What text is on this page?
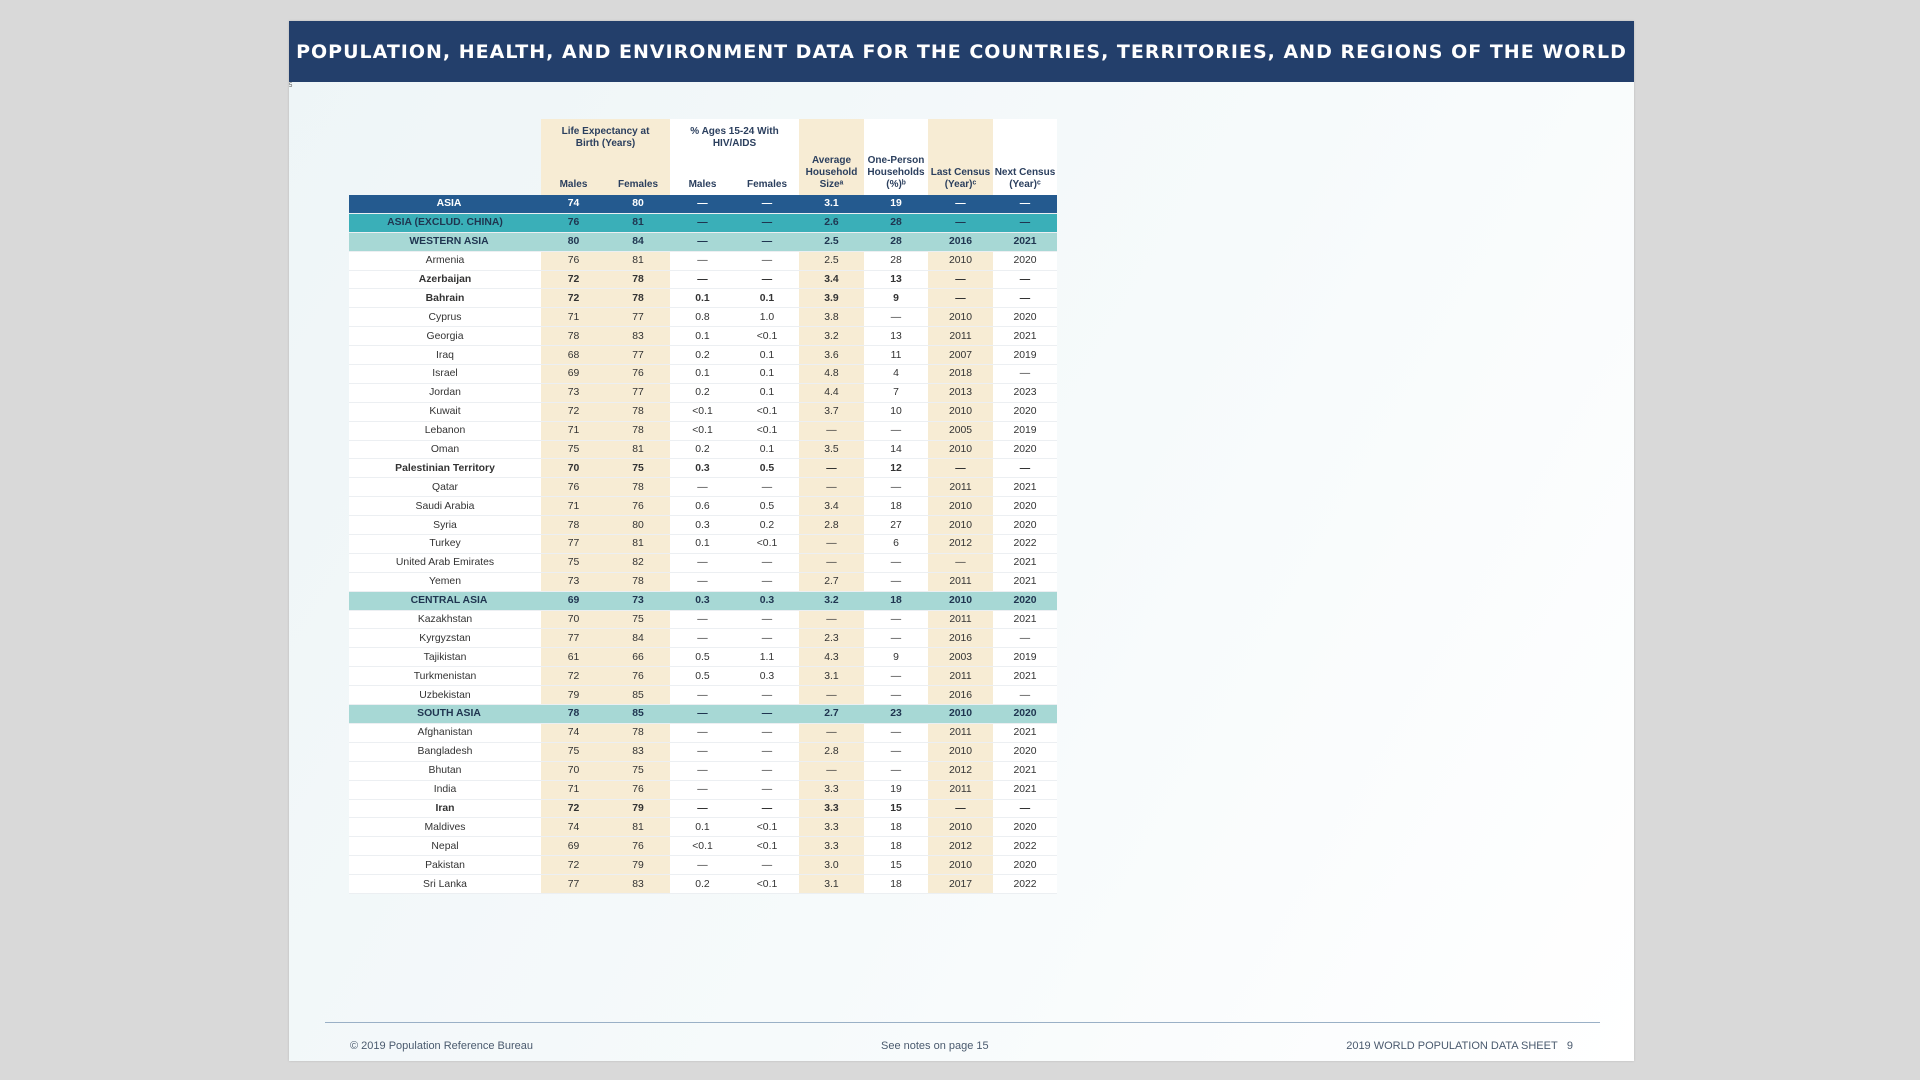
POPULATION, HEALTH, AND ENVIRONMENT DATA FOR THE COUNTRIES, TERRITORIES, AND REGIONS OF THE WORLD
5
	Life Expectancy at Birth (Years)		% Ages 15-24 With HIV/AIDS		Average Household Sizeᵃ	One-Person Households (%)ᵇ	Last Census (Year)ᶜ	Next Census (Year)ᶜ
	Males	Females	Males	Females				
ASIA	74	80	—	—	3.1	19	—	—
ASIA (EXCLUD. CHINA)	76	81	—	—	2.6	28	—	—
WESTERN ASIA	80	84	—	—	2.5	28	2016	2021
Armenia	76	81	—	—	2.5	28	2010	2020
Azerbaijan	72	78	—	—	3.4	13	—	—
Bahrain	72	78	0.1	0.1	3.9	9	—	—
Cyprus	71	77	0.8	1.0	3.8	—	2010	2020
Georgia	78	83	0.1	<0.1	3.2	13	2011	2021
Iraq	68	77	0.2	0.1	3.6	11	2007	2019
Israel	69	76	0.1	0.1	4.8	4	2018	—
Jordan	73	77	0.2	0.1	4.4	7	2013	2023
Kuwait	72	78	<0.1	<0.1	3.7	10	2010	2020
Lebanon	71	78	<0.1	<0.1	—	—	2005	2019
Oman	75	81	0.2	0.1	3.5	14	2010	2020
Palestinian Territory	70	75	0.3	0.5	—	12	—	—
Qatar	76	78	—	—	—	—	2011	2021
Saudi Arabia	71	76	0.6	0.5	3.4	18	2010	2020
Syria	78	80	0.3	0.2	2.8	27	2010	2020
Turkey	77	81	0.1	<0.1	—	6	2012	2022
United Arab Emirates	75	82	—	—	—	—	—	2021
Yemen	73	78	—	—	2.7	—	2011	2021
CENTRAL ASIA	69	73	0.3	0.3	3.2	18	2010	2020
Kazakhstan	70	75	—	—	—	—	2011	2021
Kyrgyzstan	77	84	—	—	2.3	—	2016	—
Tajikistan	61	66	0.5	1.1	4.3	9	2003	2019
Turkmenistan	72	76	0.5	0.3	3.1	—	2011	2021
Uzbekistan	79	85	—	—	—	—	2016	—
SOUTH ASIA	78	85	—	—	2.7	23	2010	2020
Afghanistan	74	78	—	—	—	—	2011	2021
Bangladesh	75	83	—	—	2.8	—	2010	2020
Bhutan	70	75	—	—	—	—	2012	2021
India	71	76	—	—	3.3	19	2011	2021
Iran	72	79	—	—	3.3	15	—	—
Maldives	74	81	0.1	<0.1	3.3	18	2010	2020
Nepal	69	76	<0.1	<0.1	3.3	18	2012	2022
Pakistan	72	79	—	—	3.0	15	2010	2020
Sri Lanka	77	83	0.2	<0.1	3.1	18	2017	2022
© 2019 Population Reference Bureau	See notes on page 15	2019 WORLD POPULATION DATA SHEET 9
